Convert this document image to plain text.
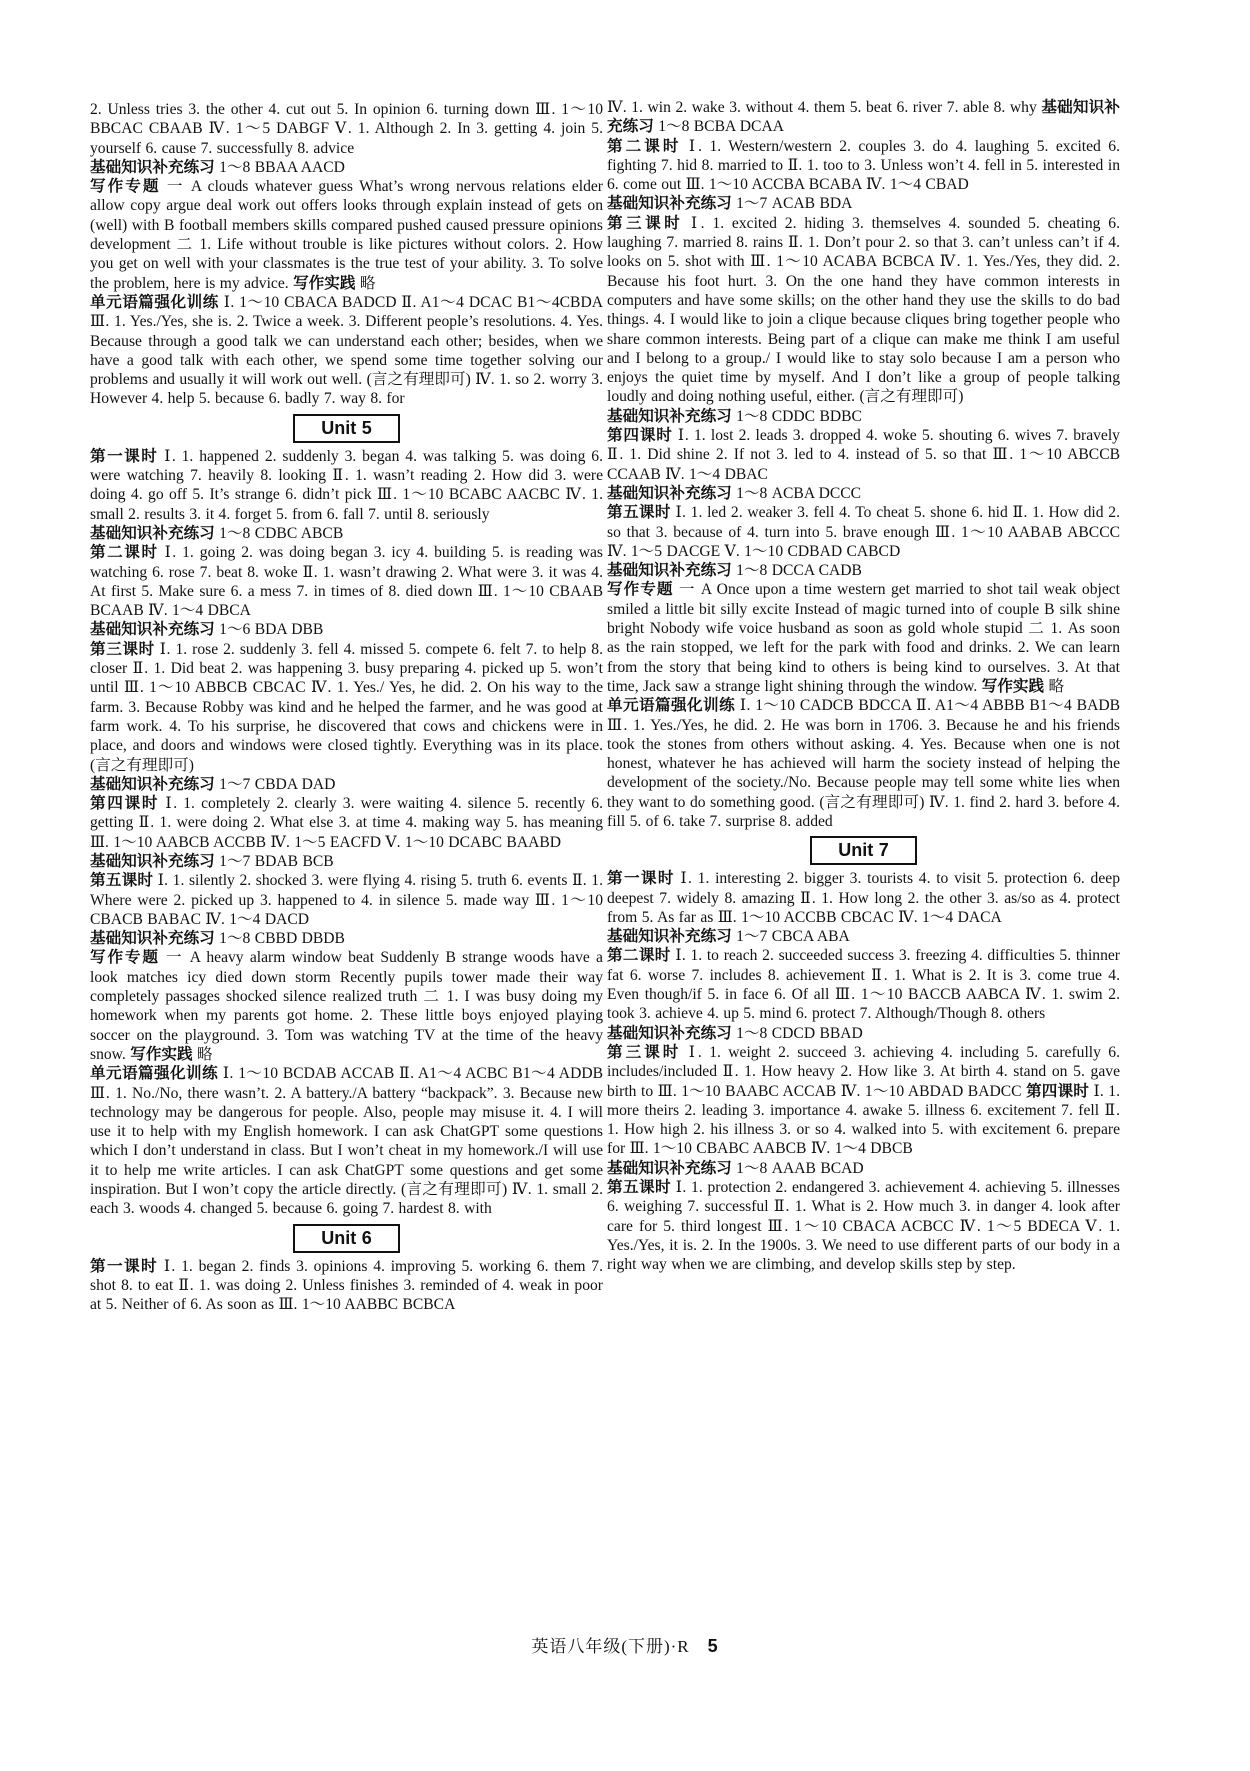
2. Unless tries 3. the other 4. cut out 5. In opinion 6. turning down Ⅲ. 1～10 BBCAC CBAAB Ⅳ. 1～5 DABGF Ⅴ. 1. Although 2. In 3. getting 4. join 5. yourself 6. cause 7. successfully 8. advice

基础知识补充练习 1～8 BBAA AACD

写作专题 一 A clouds whatever guess What’s wrong nervous relations elder allow copy argue deal work out offers looks through explain instead of gets on (well) with B football members skills compared pushed caused pressure opinions development 二 1. Life without trouble is like pictures without colors. 2. How you get on well with your classmates is the true test of your ability. 3. To solve the problem, here is my advice. 写作实践 略

单元语篇强化训练 Ⅰ. 1～10 CBACA BADCD Ⅱ. A1～4 DCAC B1～4CBDA Ⅲ. 1. Yes./Yes, she is. 2. Twice a week. 3. Different people’s resolutions. 4. Yes. Because through a good talk we can understand each other; besides, when we have a good talk with each other, we spend some time together solving our problems and usually it will work out well. (言之有理即可) Ⅳ. 1. so 2. worry 3. However 4. help 5. because 6. badly 7. way 8. for

Unit 5

第一课时 Ⅰ. 1. happened 2. suddenly 3. began 4. was talking 5. was doing 6. were watching 7. heavily 8. looking Ⅱ. 1. wasn’t reading 2. How did 3. were doing 4. go off 5. It’s strange 6. didn’t pick Ⅲ. 1～10 BCABC AACBC Ⅳ. 1. small 2. results 3. it 4. forget 5. from 6. fall 7. until 8. seriously

基础知识补充练习 1～8 CDBC ABCB

第二课时 Ⅰ. 1. going 2. was doing began 3. icy 4. building 5. is reading was watching 6. rose 7. beat 8. woke Ⅱ. 1. wasn’t drawing 2. What were 3. it was 4. At first 5. Make sure 6. a mess 7. in times of 8. died down Ⅲ. 1～10 CBAAB BCAAB Ⅳ. 1～4 DBCA

基础知识补充练习 1～6 BDA DBB

第三课时 Ⅰ. 1. rose 2. suddenly 3. fell 4. missed 5. compete 6. felt 7. to help 8. closer Ⅱ. 1. Did beat 2. was happening 3. busy preparing 4. picked up 5. won’t until Ⅲ. 1～10 ABBCB CBCAC Ⅳ. 1. Yes./ Yes, he did. 2. On his way to the farm. 3. Because Robby was kind and he helped the farmer, and he was good at farm work. 4. To his surprise, he discovered that cows and chickens were in place, and doors and windows were closed tightly. Everything was in its place. (言之有理即可)

基础知识补充练习 1～7 CBDA DAD

第四课时 Ⅰ. 1. completely 2. clearly 3. were waiting 4. silence 5. recently 6. getting Ⅱ. 1. were doing 2. What else 3. at time 4. making way 5. has meaning Ⅲ. 1～10 AABCB ACCBB Ⅳ. 1～5 EACFD Ⅴ. 1～10 DCABC BAABD

基础知识补充练习 1～7 BDAB BCB

第五课时 Ⅰ. 1. silently 2. shocked 3. were flying 4. rising 5. truth 6. events Ⅱ. 1. Where were 2. picked up 3. happened to 4. in silence 5. made way Ⅲ. 1～10 CBACB BABAC Ⅳ. 1～4 DACD

基础知识补充练习 1～8 CBBD DBDB

写作专题 一 A heavy alarm window beat Suddenly B strange woods have a look matches icy died down storm Recently pupils tower made their way completely passages shocked silence realized truth 二 1. I was busy doing my homework when my parents got home. 2. These little boys enjoyed playing soccer on the playground. 3. Tom was watching TV at the time of the heavy snow. 写作实践 略

单元语篇强化训练 Ⅰ. 1～10 BCDAB ACCAB Ⅱ. A1～4 ACBC B1～4 ADDB Ⅲ. 1. No./No, there wasn’t. 2. A battery./A battery “backpack”. 3. Because new technology may be dangerous for people. Also, people may misuse it. 4. I will use it to help with my English homework. I can ask ChatGPT some questions which I don’t understand in class. But I won’t cheat in my homework./I will use it to help me write articles. I can ask ChatGPT some questions and get some inspiration. But I won’t copy the article directly. (言之有理即可) Ⅳ. 1. small 2. each 3. woods 4. changed 5. because 6. going 7. hardest 8. with

Unit 6

第一课时 Ⅰ. 1. began 2. finds 3. opinions 4. improving 5. working 6. them 7. shot 8. to eat Ⅱ. 1. was doing 2. Unless finishes 3. reminded of 4. weak in poor at 5. Neither of 6. As soon as Ⅲ. 1～10 AABBC BCBCA

Ⅳ. 1. win 2. wake 3. without 4. them 5. beat 6. river 7. able 8. why 基础知识补充练习 1～8 BCBA DCAA

第二课时 Ⅰ. 1. Western/western 2. couples 3. do 4. laughing 5. excited 6. fighting 7. hid 8. married to Ⅱ. 1. too to 3. Unless won’t 4. fell in 5. interested in 6. come out Ⅲ. 1～10 ACCBA BCABA Ⅳ. 1～4 CBAD

基础知识补充练习 1～7 ACAB BDA

第三课时 Ⅰ. 1. excited 2. hiding 3. themselves 4. sounded 5. cheating 6. laughing 7. married 8. rains Ⅱ. 1. Don’t pour 2. so that 3. can’t unless can’t if 4. looks on 5. shot with Ⅲ. 1～10 ACABA BCBCA Ⅳ. 1. Yes./Yes, they did. 2. Because his foot hurt. 3. On the one hand they have common interests in computers and have some skills; on the other hand they use the skills to do bad things. 4. I would like to join a clique because cliques bring together people who share common interests. Being part of a clique can make me think I am useful and I belong to a group./ I would like to stay solo because I am a person who enjoys the quiet time by myself. And I don’t like a group of people talking loudly and doing nothing useful, either. (言之有理即可)

基础知识补充练习 1～8 CDDC BDBC

第四课时 Ⅰ. 1. lost 2. leads 3. dropped 4. woke 5. shouting 6. wives 7. bravely Ⅱ. 1. Did shine 2. If not 3. led to 4. instead of 5. so that Ⅲ. 1～10 ABCCB CCAAB Ⅳ. 1～4 DBAC

基础知识补充练习 1～8 ACBA DCCC

第五课时 Ⅰ. 1. led 2. weaker 3. fell 4. To cheat 5. shone 6. hid Ⅱ. 1. How did 2. so that 3. because of 4. turn into 5. brave enough Ⅲ. 1～10 AABAB ABCCC Ⅳ. 1～5 DACGE Ⅴ. 1～10 CDBAD CABCD

基础知识补充练习 1～8 DCCA CADB

写作专题 一 A Once upon a time western get married to shot tail weak object smiled a little bit silly excite Instead of magic turned into of couple B silk shine bright Nobody wife voice husband as soon as gold whole stupid 二 1. As soon as the rain stopped, we left for the park with food and drinks. 2. We can learn from the story that being kind to others is being kind to ourselves. 3. At that time, Jack saw a strange light shining through the window. 写作实践 略

单元语篇强化训练 Ⅰ. 1～10 CADCB BDCCA Ⅱ. A1～4 ABBB B1～4 BADB Ⅲ. 1. Yes./Yes, he did. 2. He was born in 1706. 3. Because he and his friends took the stones from others without asking. 4. Yes. Because when one is not honest, whatever he has achieved will harm the society instead of helping the development of the society./No. Because people may tell some white lies when they want to do something good. (言之有理即可) Ⅳ. 1. find 2. hard 3. before 4. fill 5. of 6. take 7. surprise 8. added

Unit 7

第一课时 Ⅰ. 1. interesting 2. bigger 3. tourists 4. to visit 5. protection 6. deep deepest 7. widely 8. amazing Ⅱ. 1. How long 2. the other 3. as/so as 4. protect from 5. As far as Ⅲ. 1～10 ACCBB CBCAC Ⅳ. 1～4 DACA

基础知识补充练习 1～7 CBCA ABA

第二课时 Ⅰ. 1. to reach 2. succeeded success 3. freezing 4. difficulties 5. thinner fat 6. worse 7. includes 8. achievement Ⅱ. 1. What is 2. It is 3. come true 4. Even though/if 5. in face 6. Of all Ⅲ. 1～10 BACCB AABCA Ⅳ. 1. swim 2. took 3. achieve 4. up 5. mind 6. protect 7. Although/Though 8. others

基础知识补充练习 1～8 CDCD BBAD

第三课时 Ⅰ. 1. weight 2. succeed 3. achieving 4. including 5. carefully 6. includes/included Ⅱ. 1. How heavy 2. How like 3. At birth 4. stand on 5. gave birth to Ⅲ. 1～10 BAABC ACCAB Ⅳ. 1～10 ABDAD BADCC 第四课时 Ⅰ. 1. more theirs 2. leading 3. importance 4. awake 5. illness 6. excitement 7. fell Ⅱ. 1. How high 2. his illness 3. or so 4. walked into 5. with excitement 6. prepare for Ⅲ. 1～10 CBABC AABCB Ⅳ. 1～4 DBCB

基础知识补充练习 1～8 AAAB BCAD

第五课时 Ⅰ. 1. protection 2. endangered 3. achievement 4. achieving 5. illnesses 6. weighing 7. successful Ⅱ. 1. What is 2. How much 3. in danger 4. look after care for 5. third longest Ⅲ. 1～10 CBACA ACBCC Ⅳ. 1～5 BDECA Ⅴ. 1. Yes./Yes, it is. 2. In the 1900s. 3. We need to use different parts of our body in a right way when we are climbing, and develop skills step by step.

英语八年级(下册)·R 5
